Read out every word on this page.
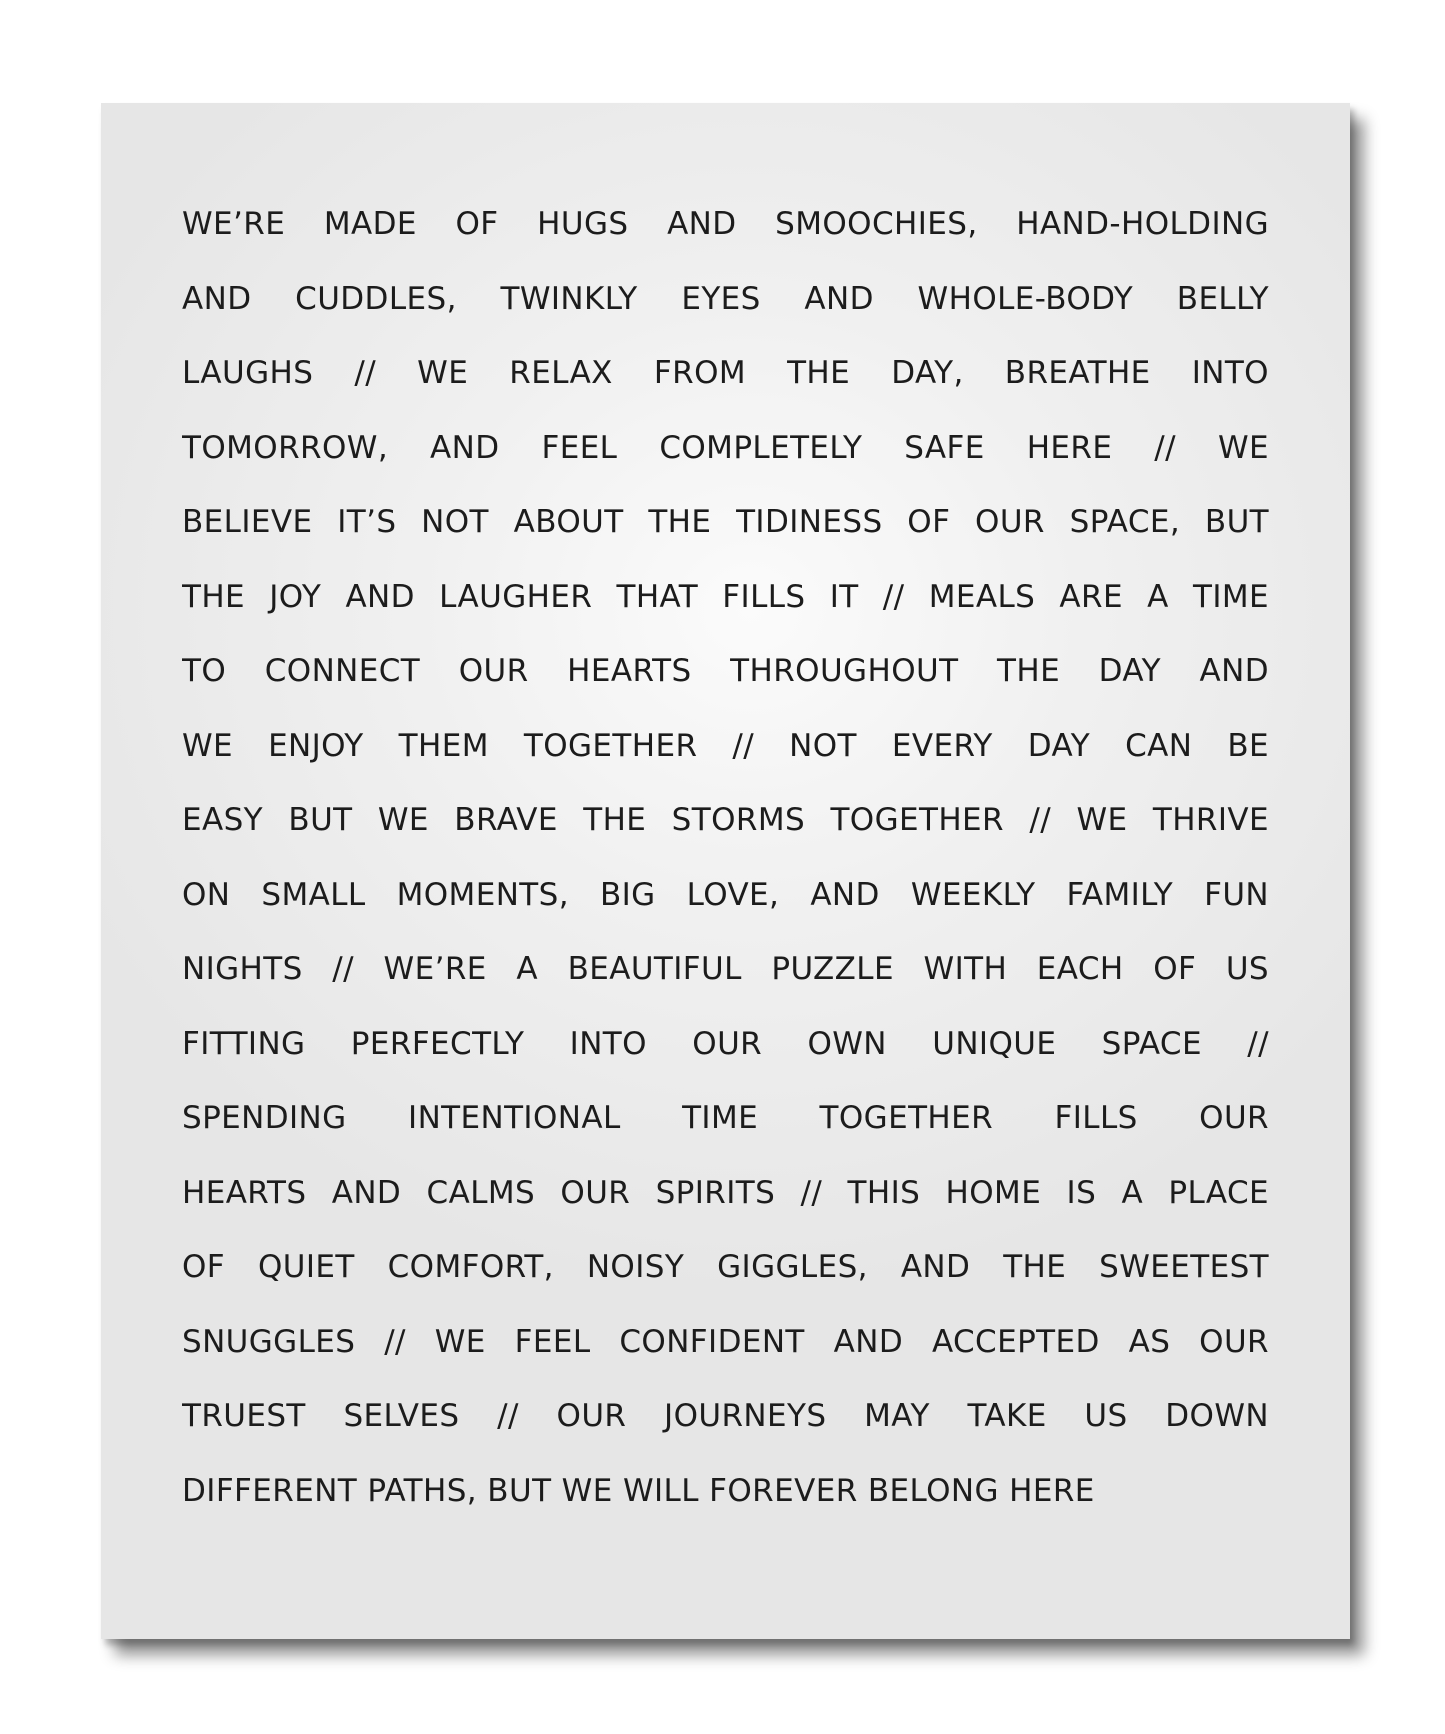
WE’RE MADE OF HUGS AND SMOOCHIES, HAND-HOLDING
AND CUDDLES, TWINKLY EYES AND WHOLE-BODY BELLY
LAUGHS // WE RELAX FROM THE DAY, BREATHE INTO
TOMORROW, AND FEEL COMPLETELY SAFE HERE // WE
BELIEVE IT’S NOT ABOUT THE TIDINESS OF OUR SPACE, BUT
THE JOY AND LAUGHER THAT FILLS IT // MEALS ARE A TIME
TO CONNECT OUR HEARTS THROUGHOUT THE DAY AND
WE ENJOY THEM TOGETHER // NOT EVERY DAY CAN BE
EASY BUT WE BRAVE THE STORMS TOGETHER // WE THRIVE
ON SMALL MOMENTS, BIG LOVE, AND WEEKLY FAMILY FUN
NIGHTS // WE’RE A BEAUTIFUL PUZZLE WITH EACH OF US
FITTING PERFECTLY INTO OUR OWN UNIQUE SPACE //
SPENDING INTENTIONAL TIME TOGETHER FILLS OUR
HEARTS AND CALMS OUR SPIRITS // THIS HOME IS A PLACE
OF QUIET COMFORT, NOISY GIGGLES, AND THE SWEETEST
SNUGGLES // WE FEEL CONFIDENT AND ACCEPTED AS OUR
TRUEST SELVES // OUR JOURNEYS MAY TAKE US DOWN
DIFFERENT PATHS, BUT WE WILL FOREVER BELONG HERE
